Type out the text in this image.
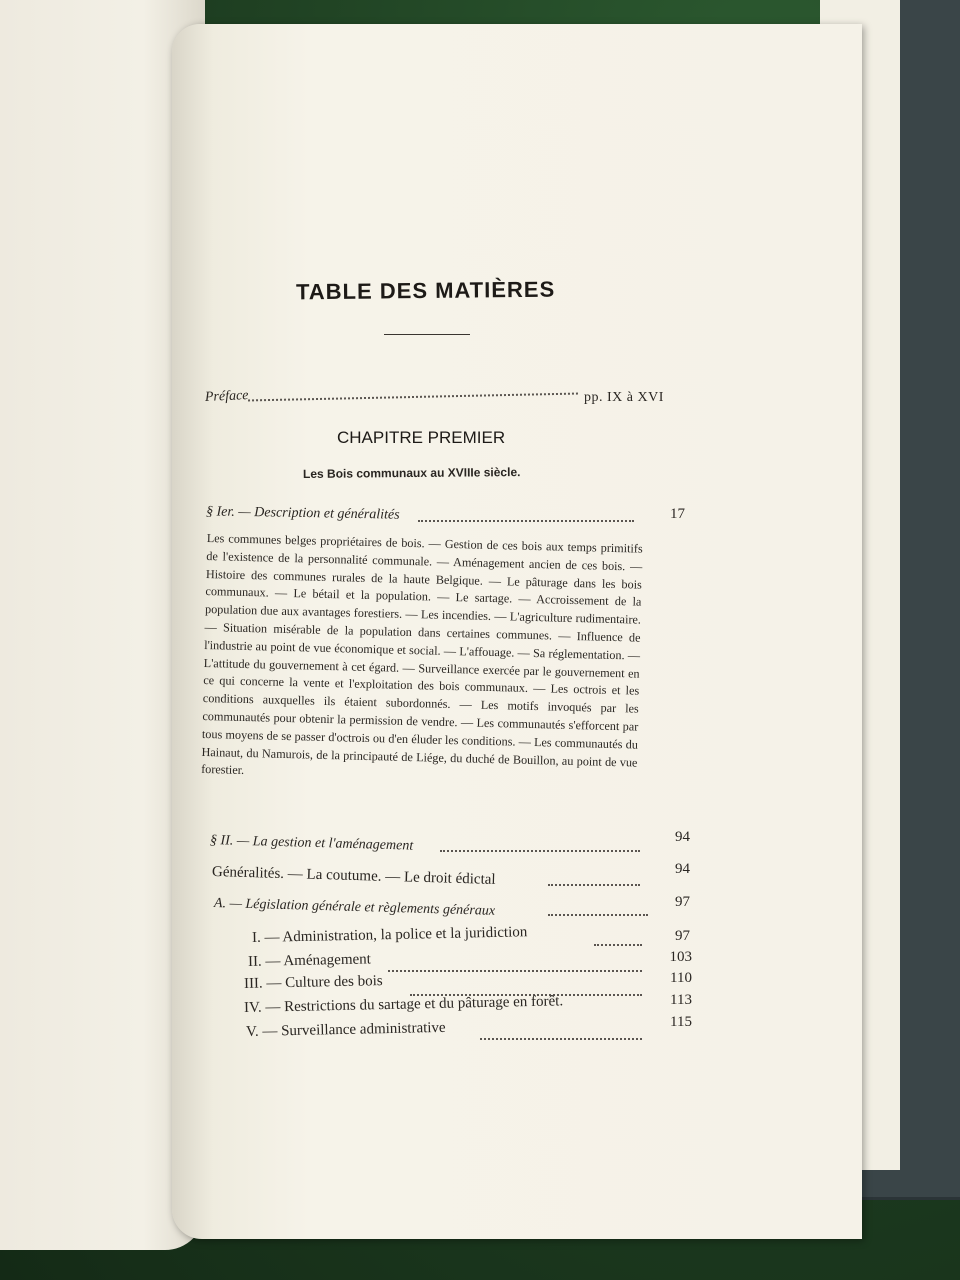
TABLE DES MATIÈRES
Préface	pp. IX à XVI
CHAPITRE PREMIER
Les Bois communaux au XVIIIe siècle.
§ Ier. — Description et généralités	17
Les communes belges propriétaires de bois. — Gestion de ces bois aux temps primitifs de l'existence de la personnalité communale. — Aménagement ancien de ces bois. — Histoire des communes rurales de la haute Belgique. — Le pâturage dans les bois communaux. — Le bétail et la population. — Le sartage. — Accroissement de la population due aux avantages forestiers. — Les incendies. — L'agriculture rudimentaire. — Situation misérable de la population dans certaines communes. — Influence de l'industrie au point de vue économique et social. — L'affouage. — Sa réglementation. — L'attitude du gouvernement à cet égard. — Surveillance exercée par le gouvernement en ce qui concerne la vente et l'exploitation des bois communaux. — Les octrois et les conditions auxquelles ils étaient subordonnés. — Les motifs invoqués par les communautés pour obtenir la permission de vendre. — Les communautés s'efforcent par tous moyens de se passer d'octrois ou d'en éluder les conditions. — Les communautés du Hainaut, du Namurois, de la principauté de Liége, du duché de Bouillon, au point de vue forestier.
§ II. — La gestion et l'aménagement	94
Généralités. — La coutume. — Le droit édictal	94
A. — Législation générale et règlements généraux	97
I. — Administration, la police et la juridiction	97
II. — Aménagement	103
III. — Culture des bois	110
IV. — Restrictions du sartage et du pâturage en forêt.	113
V. — Surveillance administrative	115
